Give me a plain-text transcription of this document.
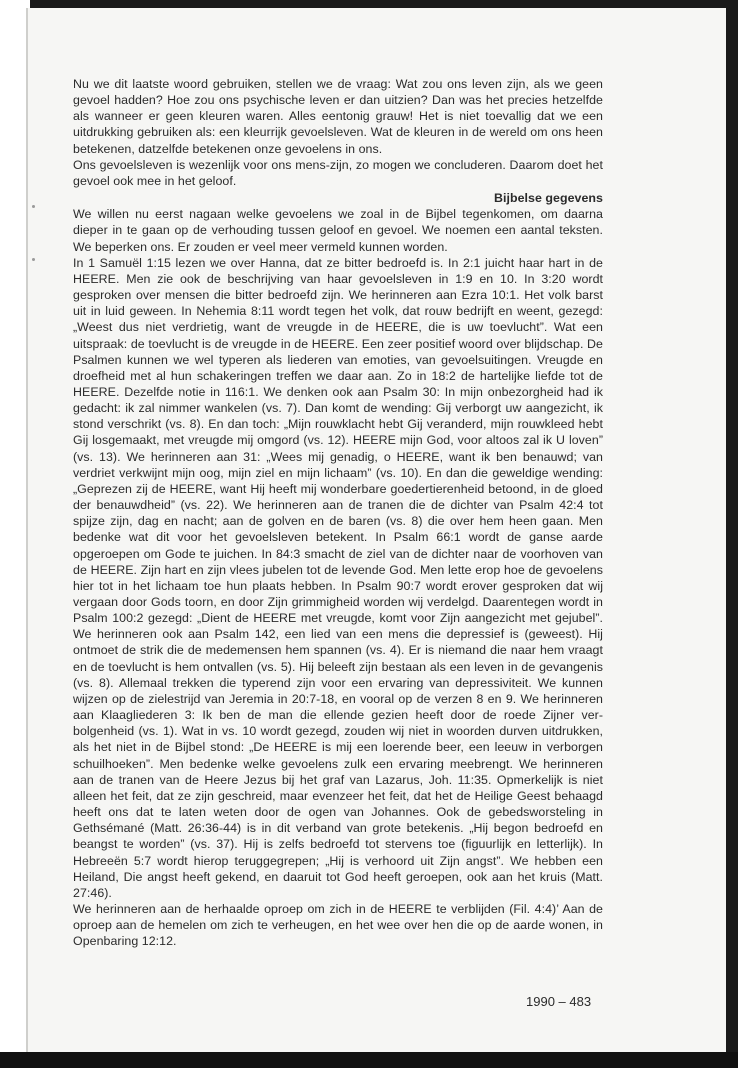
Nu we dit laatste woord gebruiken, stellen we de vraag: Wat zou ons leven zijn, als we geen gevoel hadden? Hoe zou ons psychische leven er dan uitzien? Dan was het precies hetzelfde als wanneer er geen kleuren waren. Alles eentonig grauw! Het is niet toevallig dat we een uitdrukking gebruiken als: een kleurrijk gevoelsleven. Wat de kleuren in de wereld om ons heen betekenen, datzelfde betekenen onze gevoelens in ons.

Ons gevoelsleven is wezenlijk voor ons mens-zijn, zo mogen we concluderen. Daarom doet het gevoel ook mee in het geloof.

Bijbelse gegevens

We willen nu eerst nagaan welke gevoelens we zoal in de Bijbel tegenkomen, om daarna dieper in te gaan op de verhouding tussen geloof en gevoel. We noemen een aantal teksten. We beperken ons. Er zouden er veel meer vermeld kunnen worden.

In 1 Samuël 1:15 lezen we over Hanna, dat ze bitter bedroefd is. In 2:1 juicht haar hart in de HEERE. Men zie ook de beschrijving van haar gevoelsleven in 1:9 en 10. In 3:20 wordt gesproken over mensen die bitter bedroefd zijn. We herinneren aan Ezra 10:1. Het volk barst uit in luid geween. In Nehemia 8:11 wordt tegen het volk, dat rouw bedrijft en weent, gezegd: „Weest dus niet verdrietig, want de vreugde in de HEERE, die is uw toevlucht”. Wat een uitspraak: de toevlucht is de vreugde in de HEERE. Een zeer positief woord over blijdschap. De Psalmen kunnen we wel typeren als liederen van emoties, van gevoelsuitingen. Vreugde en droefheid met al hun schakeringen treffen we daar aan. Zo in 18:2 de hartelijke liefde tot de HEERE. Dezelfde notie in 116:1. We denken ook aan Psalm 30: In mijn onbezorgheid had ik gedacht: ik zal nimmer wankelen (vs. 7). Dan komt de wending: Gij verborgt uw aangezicht, ik stond verschrikt (vs. 8). En dan toch: „Mijn rouwklacht hebt Gij veranderd, mijn rouwkleed hebt Gij losgemaakt, met vreugde mij omgord (vs. 12). HEERE mijn God, voor altoos zal ik U loven” (vs. 13). We herinneren aan 31: „Wees mij genadig, o HEERE, want ik ben benauwd; van verdriet verkwijnt mijn oog, mijn ziel en mijn lichaam” (vs. 10). En dan die geweldige wending: „Geprezen zij de HEERE, want Hij heeft mij wonderbare goedertierenheid betoond, in de gloed der benauwdheid” (vs. 22). We herinneren aan de tranen die de dichter van Psalm 42:4 tot spijze zijn, dag en nacht; aan de golven en de baren (vs. 8) die over hem heen gaan. Men bedenke wat dit voor het gevoelsleven betekent. In Psalm 66:1 wordt de ganse aarde opgeroepen om Gode te juichen. In 84:3 smacht de ziel van de dichter naar de voorhoven van de HEERE. Zijn hart en zijn vlees jubelen tot de levende God. Men lette erop hoe de gevoelens hier tot in het lichaam toe hun plaats hebben. In Psalm 90:7 wordt erover gesproken dat wij vergaan door Gods toorn, en door Zijn grimmigheid worden wij verdelgd. Daarentegen wordt in Psalm 100:2 gezegd: „Dient de HEERE met vreugde, komt voor Zijn aangezicht met gejubel”. We herinneren ook aan Psalm 142, een lied van een mens die depressief is (geweest). Hij ontmoet de strik die de medemensen hem spannen (vs. 4). Er is niemand die naar hem vraagt en de toevlucht is hem ontvallen (vs. 5). Hij beleeft zijn bestaan als een leven in de gevangenis (vs. 8). Allemaal trekken die typerend zijn voor een ervaring van depressiviteit. We kunnen wijzen op de zielestrijd van Jeremia in 20:7-18, en vooral op de verzen 8 en 9. We herinneren aan Klaagliederen 3: Ik ben de man die ellende gezien heeft door de roede Zijner verbolgenheid (vs. 1). Wat in vs. 10 wordt gezegd, zouden wij niet in woorden durven uitdrukken, als het niet in de Bijbel stond: „De HEERE is mij een loerende beer, een leeuw in verborgen schuilhoeken”. Men bedenke welke gevoelens zulk een ervaring meebrengt. We herinneren aan de tranen van de Heere Jezus bij het graf van Lazarus, Joh. 11:35. Opmerkelijk is niet alleen het feit, dat ze zijn geschreid, maar evenzeer het feit, dat het de Heilige Geest behaagd heeft ons dat te laten weten door de ogen van Johannes. Ook de gebedsworsteling in Gethsémané (Matt. 26:36-44) is in dit verband van grote betekenis. „Hij begon bedroefd en beangst te worden” (vs. 37). Hij is zelfs bedroefd tot stervens toe (figuurlijk en letterlijk). In Hebreeën 5:7 wordt hierop teruggegrepen; „Hij is verhoord uit Zijn angst”. We hebben een Heiland, Die angst heeft gekend, en daaruit tot God heeft geroepen, ook aan het kruis (Matt. 27:46).

We herinneren aan de herhaalde oproep om zich in de HEERE te verblijden (Fil. 4:4)’ Aan de oproep aan de hemelen om zich te verheugen, en het wee over hen die op de aarde wonen, in Openbaring 12:12.

1990 – 483
